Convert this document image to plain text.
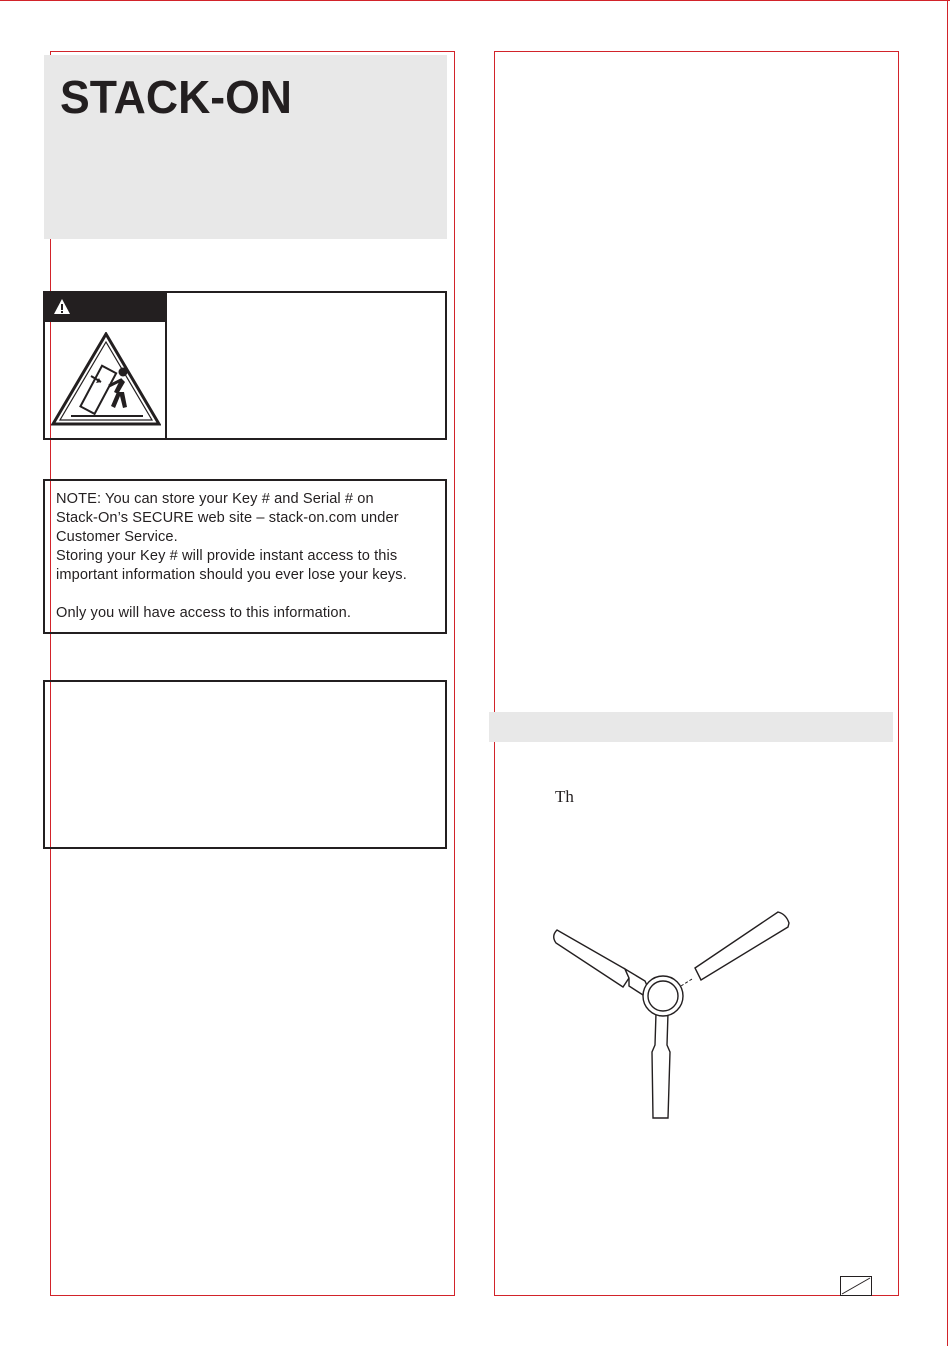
STACK-ON

NOTE: You can store your Key # and Serial # on

Stack-On’s SECURE web site – stack-on.com under

Customer Service.

Storing your Key # will provide instant access to this

important information should you ever lose your keys.

Only you will have access to this information.

Th
